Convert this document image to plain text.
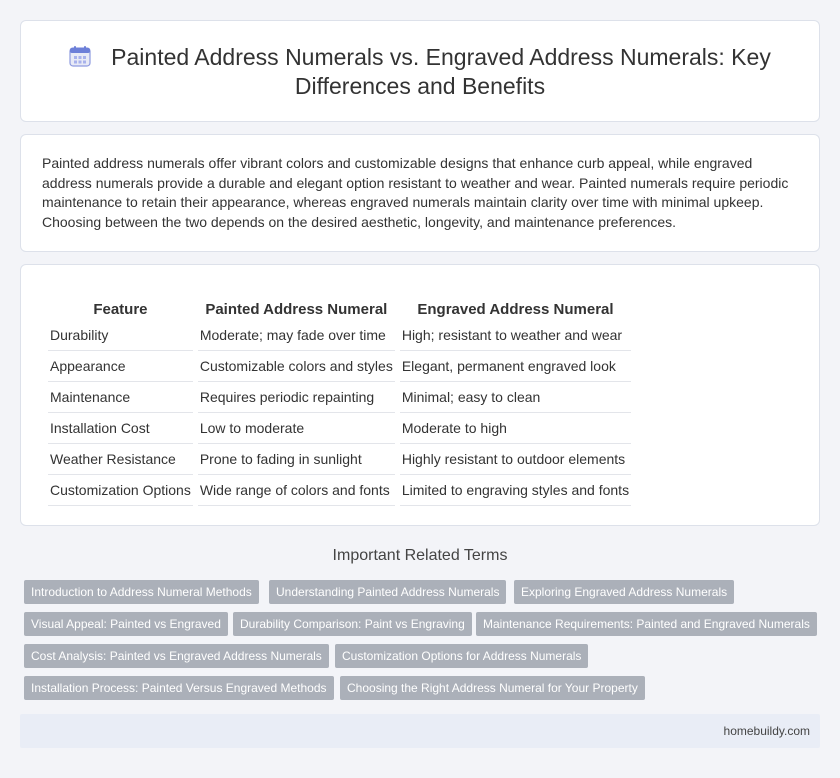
Painted Address Numerals vs. Engraved Address Numerals: Key Differences and Benefits

Painted address numerals offer vibrant colors and customizable designs that enhance curb appeal, while engraved address numerals provide a durable and elegant option resistant to weather and wear. Painted numerals require periodic maintenance to retain their appearance, whereas engraved numerals maintain clarity over time with minimal upkeep. Choosing between the two depends on the desired aesthetic, longevity, and maintenance preferences.

Feature	Painted Address Numeral	Engraved Address Numeral
Durability	Moderate; may fade over time	High; resistant to weather and wear
Appearance	Customizable colors and styles	Elegant, permanent engraved look
Maintenance	Requires periodic repainting	Minimal; easy to clean
Installation Cost	Low to moderate	Moderate to high
Weather Resistance	Prone to fading in sunlight	Highly resistant to outdoor elements
Customization Options	Wide range of colors and fonts	Limited to engraving styles and fonts
Important Related Terms
Introduction to Address Numeral Methods	Understanding Painted Address Numerals	Exploring Engraved Address Numerals
Visual Appeal: Painted vs Engraved	Durability Comparison: Paint vs Engraving	Maintenance Requirements: Painted and Engraved Numerals
Cost Analysis: Painted vs Engraved Address Numerals	Customization Options for Address Numerals
Installation Process: Painted Versus Engraved Methods	Choosing the Right Address Numeral for Your Property
homebuildy.com
